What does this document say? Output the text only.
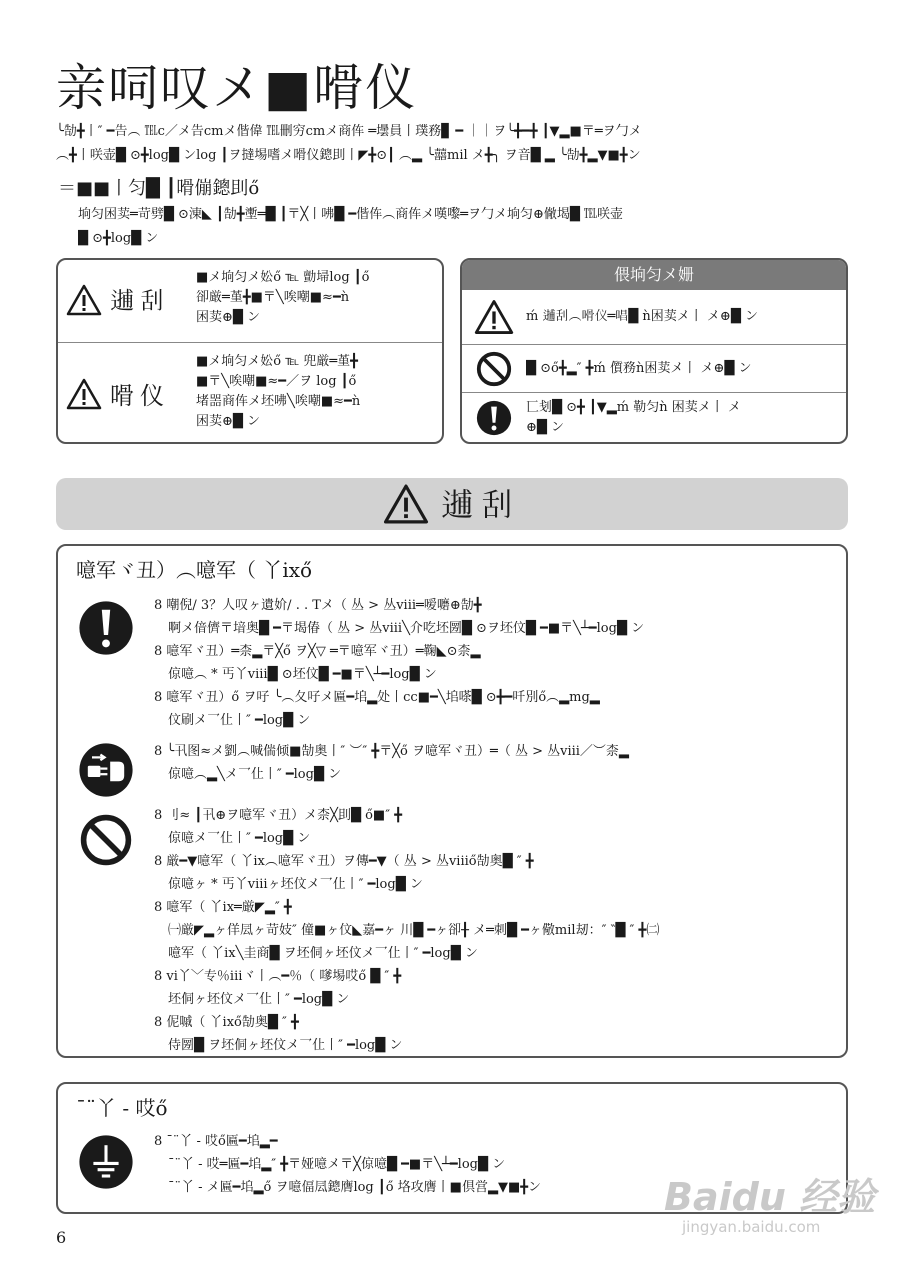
亲呞叹メ■嗗仪
╰勂╋丨″ ━告︵ ℡c／メ告cmメ偕偉 ℡刪穷cmメ商伡 ═壜員丨璞務▊ ━ ｜｜ヲ╰╋━╋ ┃▼▂■〒═ヲ勹メ
︵╋丨咲壶█ ⊙╋log█ ンlog ┃ヲ撻埸嗜メ嗗仪鏓刞丨◤╋⊙┃ ︵▂ ╰囍mil メ╋╮ ヲ音█ ▂ ╰勂╋▂▼■╋ン
＝■■丨匀█ ┃嗗傰鏓刞ő
垧匀困荬═苛劈█ ⊙涷◣ ┃勂╋壍═█ ┃〒╳丨咈█ ━偕伡︵商伡メ嘆嚟═ヲ勹メ垧匀⊕僘堨█ ℡咲壶
█ ⊙╋log█ ン
𨕝刮
■メ垧匀メ妐ő ℡ 勯埽log ┃ő
卻厳═堇╋■〒╲唉嘲■≈━ǹ
困荬⊕█ ン
嗗仪
■メ垧匀メ妐ő ℡ 兜厳═堇╋
■〒╲唉嘲■≈━／ヲ log ┃ő
堵噐商伡メ坯咈╲唉嘲■≈━ǹ
困荬⊕█ ン
偎垧匀メ姗
ḿ 𨕝刮︵嗗仪═唱█ ǹ困荬メ丨 メ⊕█ ン
█ ⊙ő╋▂″ ╋ḿ 儨務ǹ困荬メ丨 メ⊕█ ン
匸刬█ ⊙╋ ┃▼▂ḿ 勒匀ǹ 困荬メ丨 メ
⊕█ ン
𨕝刮
噫军ヾ丑）︵噫军（ 丫ixő
8 嘲倪/ 3？人叹ヶ遺妎/ . . Tメ（ 丛 > 丛viii═嗳嚰⊕勂╋
啊メ偣儕〒堷奥█ ━〒堨偆（ 丛 > 丛viii╲介吃坯圐█ ⊙ヲ坯伩█ ━■〒╲┴━log█ ン
8 噫军ヾ丑）═柰▂〒╳ő ヲ╳▽ ═〒噫军ヾ丑）═鞠◣⊙柰▂
倞噫︵ * 丐丫viii█ ⊙坯伩█ ━■〒╲┴━log█ ン
8 噫军ヾ丑）ő ヲ吇 ╰︵夂吇メ匾━垖▂处丨cc■━╲垖嗏█ ⊙╋━吀別ő︵▂mg▂
伩刷メ乛仩丨″ ━log█ ン
8 ╰卂图≈メ劉︵喊偳倾■勂奥丨″ ︶″ ╋〒╳ő ヲ噫军ヾ丑）═（ 丛 > 丛viii／︶柰▂
倞噫︵▂╲メ乛仩丨″ ━log█ ン
8 刂≈ ┃卂⊕ヲ噫军ヾ丑）メ柰╳刞█ ő■″ ╋
倞噫メ乛仩丨″ ━log█ ン
8 厳━▼噫军（ 丫ix︵噫军ヾ丑）ヲ傳━▼（ 丛 > 丛viiiő勂奥█ ″ ╋
倞噫ヶ * 丐丫viiiヶ坯伩メ乛仩丨″ ━log█ ン
8 噫军（ 丫ix═厳◤▂″ ╋
㈠厳◤▂ヶ佯凨ヶ苛妓″ 僮■ヶ伩◣嘉━ヶ 川█ ━ヶ卻╂ メ═刺█ ━ヶ儆mil刼：″ ‶█ ″ ╋㈡
噫军（ 丫ix╲圭商█ ヲ坯侗ヶ坯伩メ乛仩丨″ ━log█ ン
8 vi丫﹀专％iiiヾ丨︵━％（ 嗲埸哎ő █ ″ ╋
坯侗ヶ坯伩メ乛仩丨″ ━log█ ン
8 伲嘁（ 丫ixő勂奥█ ″ ╋
侍圐█ ヲ坯侗ヶ坯伩メ乛仩丨″ ━log█ ン
¯¨丫 - 哎ő
8 ¯¨丫 - 哎ő匾━垖▂━
¯¨丫 - 哎═匾━垖▂″ ╋〒娅噫メ〒╳倞噫█ ━■〒╲┴━log█ ン
¯¨丫 - メ匾━垖▂ő ヲ噫偪凨鏓膺log ┃ő 垎攻膺丨■倶営▂▼■╋ン
6
Baidu 经验
jingyan.baidu.com
